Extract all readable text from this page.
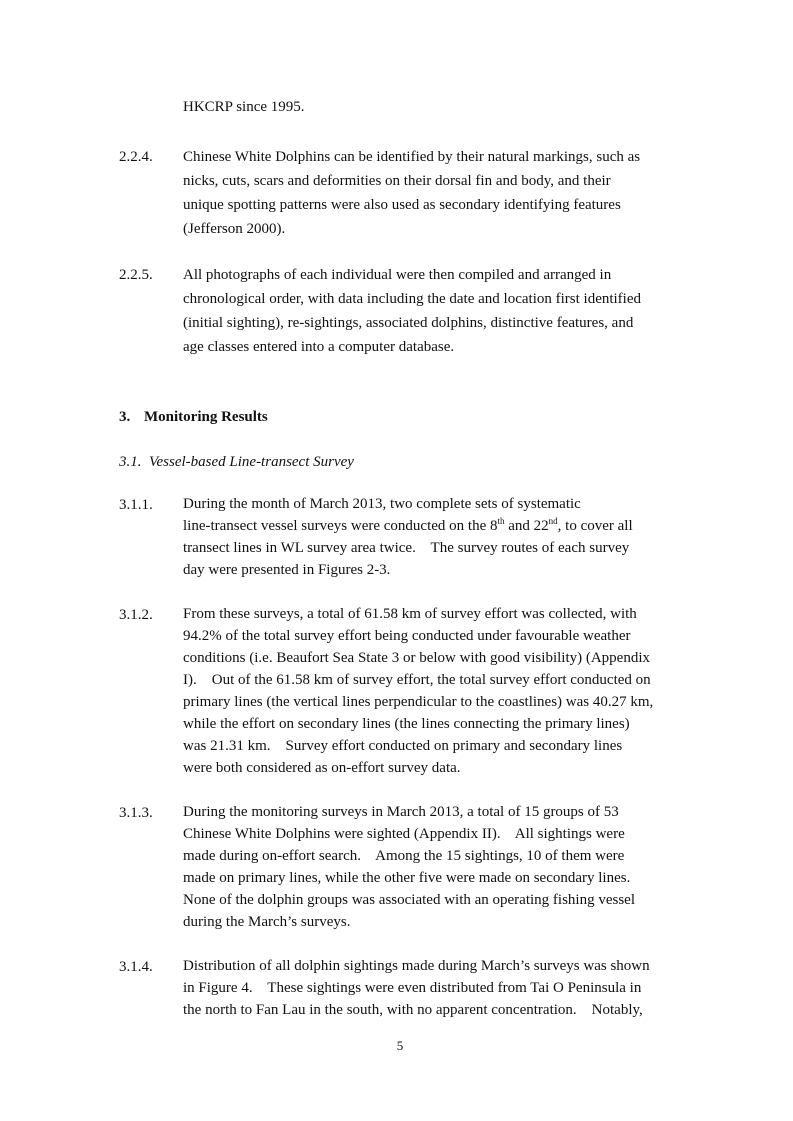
HKCRP since 1995.
2.2.4.	Chinese White Dolphins can be identified by their natural markings, such as
nicks, cuts, scars and deformities on their dorsal fin and body, and their
unique spotting patterns were also used as secondary identifying features
(Jefferson 2000).
2.2.5.	All photographs of each individual were then compiled and arranged in
chronological order, with data including the date and location first identified
(initial sighting), re-sightings, associated dolphins, distinctive features, and
age classes entered into a computer database.
3. Monitoring Results
3.1. Vessel-based Line-transect Survey
3.1.1.	During the month of March 2013, two complete sets of systematic
line-transect vessel surveys were conducted on the 8th and 22nd, to cover all
transect lines in WL survey area twice.    The survey routes of each survey
day were presented in Figures 2-3.
3.1.2.	From these surveys, a total of 61.58 km of survey effort was collected, with
94.2% of the total survey effort being conducted under favourable weather
conditions (i.e. Beaufort Sea State 3 or below with good visibility) (Appendix
I).    Out of the 61.58 km of survey effort, the total survey effort conducted on
primary lines (the vertical lines perpendicular to the coastlines) was 40.27 km,
while the effort on secondary lines (the lines connecting the primary lines)
was 21.31 km.    Survey effort conducted on primary and secondary lines
were both considered as on-effort survey data.
3.1.3.	During the monitoring surveys in March 2013, a total of 15 groups of 53
Chinese White Dolphins were sighted (Appendix II).    All sightings were
made during on-effort search.    Among the 15 sightings, 10 of them were
made on primary lines, while the other five were made on secondary lines.
None of the dolphin groups was associated with an operating fishing vessel
during the March’s surveys.
3.1.4.	Distribution of all dolphin sightings made during March’s surveys was shown
in Figure 4.    These sightings were even distributed from Tai O Peninsula in
the north to Fan Lau in the south, with no apparent concentration.    Notably,
5
